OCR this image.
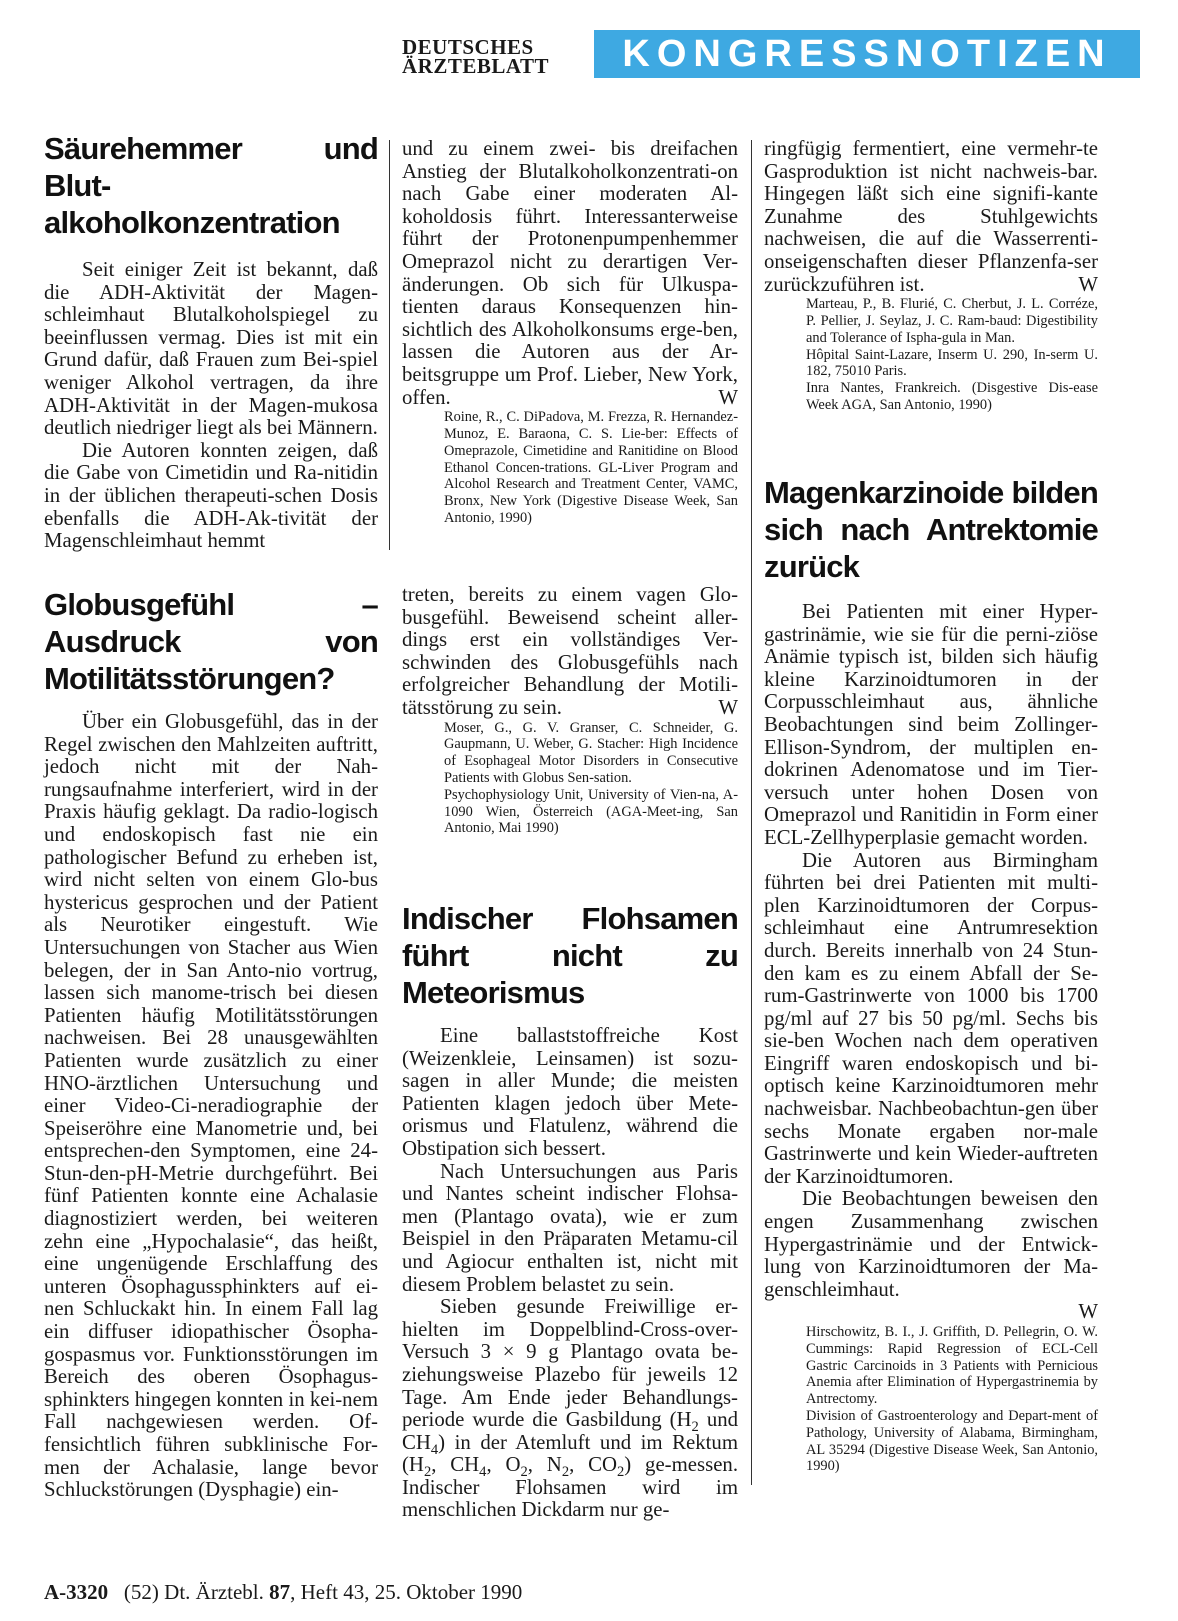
DEUTSCHES
ÄRZTEBLATT	KONGRESSNOTIZEN
Säurehemmer und Blut-alkoholkonzentration

Seit einiger Zeit ist bekannt, daß die ADH-Aktivität der Magen-schleimhaut Blutalkoholspiegel zu beeinflussen vermag. Dies ist mit ein Grund dafür, daß Frauen zum Bei-spiel weniger Alkohol vertragen, da ihre ADH-Aktivität in der Magen-mukosa deutlich niedriger liegt als bei Männern.

Die Autoren konnten zeigen, daß die Gabe von Cimetidin und Ra-nitidin in der üblichen therapeuti-schen Dosis ebenfalls die ADH-Ak-tivität der Magenschleimhaut hemmt

und zu einem zwei- bis dreifachen Anstieg der Blutalkoholkonzentrati-on nach Gabe einer moderaten Al-koholdosis führt. Interessanterweise führt der Protonenpumpenhemmer Omeprazol nicht zu derartigen Ver-änderungen. Ob sich für Ulkuspa-tienten daraus Konsequenzen hin-sichtlich des Alkoholkonsums erge-ben, lassen die Autoren aus der Ar-beitsgruppe um Prof. Lieber, New York, offen.	W

Roine, R., C. DiPadova, M. Frezza, R. Hernandez-Munoz, E. Baraona, C. S. Lie-ber: Effects of Omeprazole, Cimetidine and Ranitidine on Blood Ethanol Concen-trations. GL-Liver Program and Alcohol Research and Treatment Center, VAMC, Bronx, New York (Digestive Disease Week, San Antonio, 1990)

Globusgefühl – Ausdruck von Motilitätsstörungen?

Über ein Globusgefühl, das in der Regel zwischen den Mahlzeiten auftritt, jedoch nicht mit der Nah-rungsaufnahme interferiert, wird in der Praxis häufig geklagt. Da radio-logisch und endoskopisch fast nie ein pathologischer Befund zu erheben ist, wird nicht selten von einem Glo-bus hystericus gesprochen und der Patient als Neurotiker eingestuft. Wie Untersuchungen von Stacher aus Wien belegen, der in San Anto-nio vortrug, lassen sich manome-trisch bei diesen Patienten häufig Motilitätsstörungen nachweisen. Bei 28 unausgewählten Patienten wurde zusätzlich zu einer HNO-ärztlichen Untersuchung und einer Video-Ci-neradiographie der Speiseröhre eine Manometrie und, bei entsprechen-den Symptomen, eine 24-Stun-den-pH-Metrie durchgeführt. Bei fünf Patienten konnte eine Achalasie diagnostiziert werden, bei weiteren zehn eine „Hypochalasie“, das heißt, eine ungenügende Erschlaffung des unteren Ösophagussphinkters auf ei-nen Schluckakt hin. In einem Fall lag ein diffuser idiopathischer Ösopha-gospasmus vor. Funktionsstörungen im Bereich des oberen Ösophagus-sphinkters hingegen konnten in kei-nem Fall nachgewiesen werden. Of-fensichtlich führen subklinische For-men der Achalasie, lange bevor Schluckstörungen (Dysphagie) ein-

treten, bereits zu einem vagen Glo-busgefühl. Beweisend scheint aller-dings erst ein vollständiges Ver-schwinden des Globusgefühls nach erfolgreicher Behandlung der Motili-tätsstörung zu sein.	W

Moser, G., G. V. Granser, C. Schneider, G. Gaupmann, U. Weber, G. Stacher: High Incidence of Esophageal Motor Disorders in Consecutive Patients with Globus Sen-sation.

Psychophysiology Unit, University of Vien-na, A-1090 Wien, Österreich (AGA-Meet-ing, San Antonio, Mai 1990)

Indischer Flohsamen führt nicht zu Meteorismus

Eine ballaststoffreiche Kost (Weizenkleie, Leinsamen) ist sozu-sagen in aller Munde; die meisten Patienten klagen jedoch über Mete-orismus und Flatulenz, während die Obstipation sich bessert.

Nach Untersuchungen aus Paris und Nantes scheint indischer Flohsa-men (Plantago ovata), wie er zum Beispiel in den Präparaten Metamu-cil und Agiocur enthalten ist, nicht mit diesem Problem belastet zu sein.

Sieben gesunde Freiwillige er-hielten im Doppelblind-Cross-over-Versuch 3 × 9 g Plantago ovata be-ziehungsweise Plazebo für jeweils 12 Tage. Am Ende jeder Behandlungs-periode wurde die Gasbildung ($H_2$ und $CH_4$) in der Atemluft und im Rektum ($H_2$, $CH_4$, $O_2$, $N_2$, $CO_2$) ge-messen. Indischer Flohsamen wird im menschlichen Dickdarm nur ge-

ringfügig fermentiert, eine vermehr-te Gasproduktion ist nicht nachweis-bar. Hingegen läßt sich eine signifi-kante Zunahme des Stuhlgewichts nachweisen, die auf die Wasserrenti-onseigenschaften dieser Pflanzenfa-ser zurückzuführen ist.	W

Marteau, P., B. Flurié, C. Cherbut, J. L. Corréze, P. Pellier, J. Seylaz, J. C. Ram-baud: Digestibility and Tolerance of Ispha-gula in Man.

Hôpital Saint-Lazare, Inserm U. 290, In-serm U. 182, 75010 Paris.

Inra Nantes, Frankreich. (Disgestive Dis-ease Week AGA, San Antonio, 1990)

Magenkarzinoide bilden sich nach Antrektomie zurück

Bei Patienten mit einer Hyper-gastrinämie, wie sie für die perni-ziöse Anämie typisch ist, bilden sich häufig kleine Karzinoidtumoren in der Corpusschleimhaut aus, ähnliche Beobachtungen sind beim Zollinger-Ellison-Syndrom, der multiplen en-dokrinen Adenomatose und im Tier-versuch unter hohen Dosen von Omeprazol und Ranitidin in Form einer ECL-Zellhyperplasie gemacht worden.

Die Autoren aus Birmingham führten bei drei Patienten mit multi-plen Karzinoidtumoren der Corpus-schleimhaut eine Antrumresektion durch. Bereits innerhalb von 24 Stun-den kam es zu einem Abfall der Se-rum-Gastrinwerte von 1000 bis 1700 pg/ml auf 27 bis 50 pg/ml. Sechs bis sie-ben Wochen nach dem operativen Eingriff waren endoskopisch und bi-optisch keine Karzinoidtumoren mehr nachweisbar. Nachbeobachtun-gen über sechs Monate ergaben nor-male Gastrinwerte und kein Wieder-auftreten der Karzinoidtumoren.

Die Beobachtungen beweisen den engen Zusammenhang zwischen Hypergastrinämie und der Entwick-lung von Karzinoidtumoren der Ma-genschleimhaut.

W

Hirschowitz, B. I., J. Griffith, D. Pellegrin, O. W. Cummings: Rapid Regression of ECL-Cell Gastric Carcinoids in 3 Patients with Pernicious Anemia after Elimination of Hypergastrinemia by Antrectomy.

Division of Gastroenterology and Depart-ment of Pathology, University of Alabama, Birmingham, AL 35294 (Digestive Disease Week, San Antonio, 1990)

A-3320 (52) Dt. Ärztebl. 87, Heft 43, 25. Oktober 1990
